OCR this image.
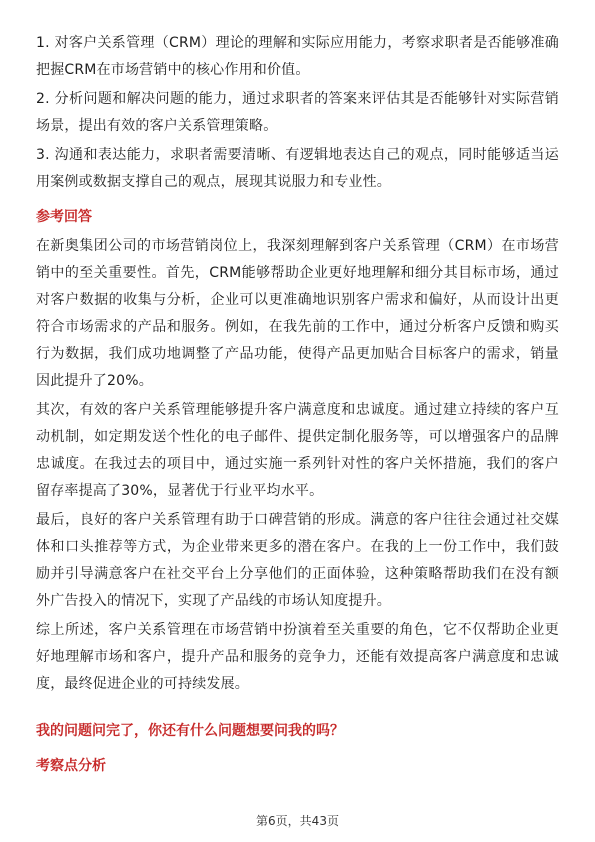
1. 对客户关系管理（CRM）理论的理解和实际应用能力，考察求职者是否能够准确把握CRM在市场营销中的核心作用和价值。

2. 分析问题和解决问题的能力，通过求职者的答案来评估其是否能够针对实际营销场景，提出有效的客户关系管理策略。

3. 沟通和表达能力，求职者需要清晰、有逻辑地表达自己的观点，同时能够适当运用案例或数据支撑自己的观点，展现其说服力和专业性。

参考回答

在新奥集团公司的市场营销岗位上，我深刻理解到客户关系管理（CRM）在市场营销中的至关重要性。首先，CRM能够帮助企业更好地理解和细分其目标市场，通过对客户数据的收集与分析，企业可以更准确地识别客户需求和偏好，从而设计出更符合市场需求的产品和服务。例如，在我先前的工作中，通过分析客户反馈和购买行为数据，我们成功地调整了产品功能，使得产品更加贴合目标客户的需求，销量因此提升了20%。

其次，有效的客户关系管理能够提升客户满意度和忠诚度。通过建立持续的客户互动机制，如定期发送个性化的电子邮件、提供定制化服务等，可以增强客户的品牌忠诚度。在我过去的项目中，通过实施一系列针对性的客户关怀措施，我们的客户留存率提高了30%，显著优于行业平均水平。

最后，良好的客户关系管理有助于口碑营销的形成。满意的客户往往会通过社交媒体和口头推荐等方式，为企业带来更多的潜在客户。在我的上一份工作中，我们鼓励并引导满意客户在社交平台上分享他们的正面体验，这种策略帮助我们在没有额外广告投入的情况下，实现了产品线的市场认知度提升。

综上所述，客户关系管理在市场营销中扮演着至关重要的角色，它不仅帮助企业更好地理解市场和客户，提升产品和服务的竞争力，还能有效提高客户满意度和忠诚度，最终促进企业的可持续发展。

我的问题问完了，你还有什么问题想要问我的吗？
考察点分析
第6页，共43页
